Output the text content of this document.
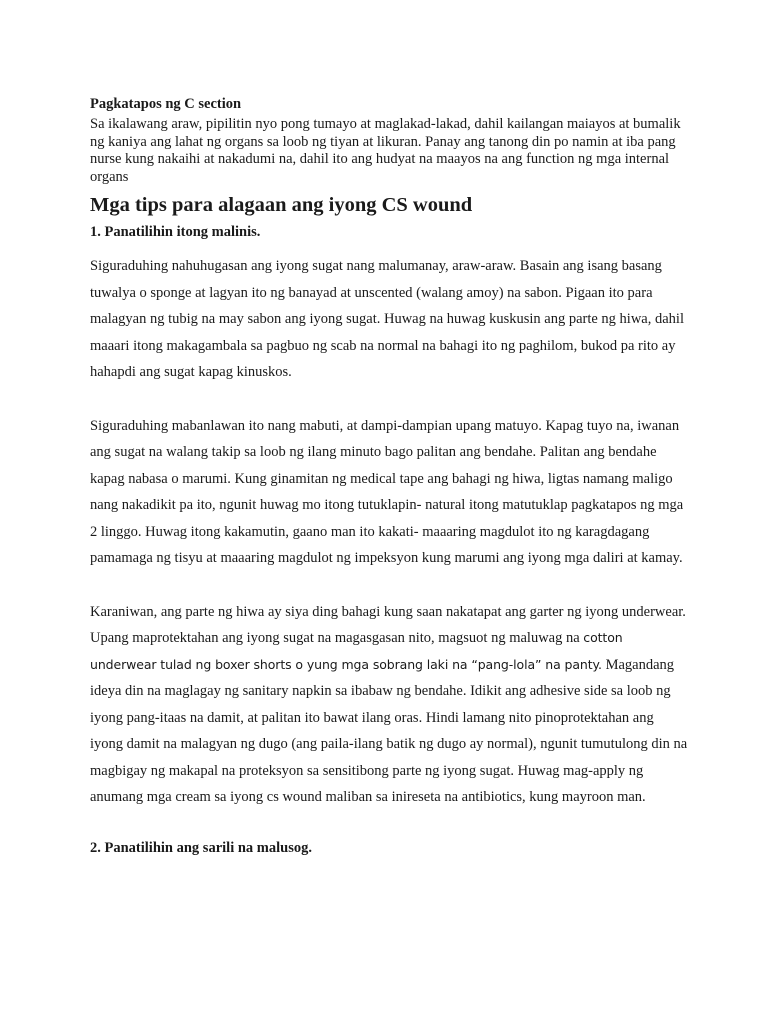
Pagkatapos ng C section

Sa ikalawang araw, pipilitin nyo pong tumayo at maglakad-lakad, dahil kailangan maiayos at bumalik ng kaniya ang lahat ng organs sa loob ng tiyan at likuran. Panay ang tanong din po namin at iba pang nurse kung nakaihi at nakadumi na, dahil ito ang hudyat na maayos na ang function ng mga internal organs

Mga tips para alagaan ang iyong CS wound

1. Panatilihin itong malinis.

Siguraduhing nahuhugasan ang iyong sugat nang malumanay, araw-araw. Basain ang isang basang tuwalya o sponge at lagyan ito ng banayad at unscented (walang amoy) na sabon. Pigaan ito para malagyan ng tubig na may sabon ang iyong sugat. Huwag na huwag kuskusin ang parte ng hiwa, dahil maaari itong makagambala sa pagbuo ng scab na normal na bahagi ito ng paghilom, bukod pa rito ay hahapdi ang sugat kapag kinuskos.

Siguraduhing mabanlawan ito nang mabuti, at dampi-dampian upang matuyo. Kapag tuyo na, iwanan ang sugat na walang takip sa loob ng ilang minuto bago palitan ang bendahe. Palitan ang bendahe kapag nabasa o marumi. Kung ginamitan ng medical tape ang bahagi ng hiwa, ligtas namang maligo nang nakadikit pa ito, ngunit huwag mo itong tutuklapin- natural itong matutuklap pagkatapos ng mga 2 linggo. Huwag itong kakamutin, gaano man ito kakati- maaaring magdulot ito ng karagdagang pamamaga ng tisyu at maaaring magdulot ng impeksyon kung marumi ang iyong mga daliri at kamay.

Karaniwan, ang parte ng hiwa ay siya ding bahagi kung saan nakatapat ang garter ng iyong underwear. Upang maprotektahan ang iyong sugat na magasgasan nito, magsuot ng maluwag na cotton underwear tulad ng boxer shorts o yung mga sobrang laki na “pang-lola” na panty. Magandang ideya din na maglagay ng sanitary napkin sa ibabaw ng bendahe. Idikit ang adhesive side sa loob ng iyong pang-itaas na damit, at palitan ito bawat ilang oras. Hindi lamang nito pinoprotektahan ang iyong damit na malagyan ng dugo (ang paila-ilang batik ng dugo ay normal), ngunit tumutulong din na magbigay ng makapal na proteksyon sa sensitibong parte ng iyong sugat. Huwag mag-apply ng anumang mga cream sa iyong cs wound maliban sa inireseta na antibiotics, kung mayroon man.

2. Panatilihin ang sarili na malusog.
